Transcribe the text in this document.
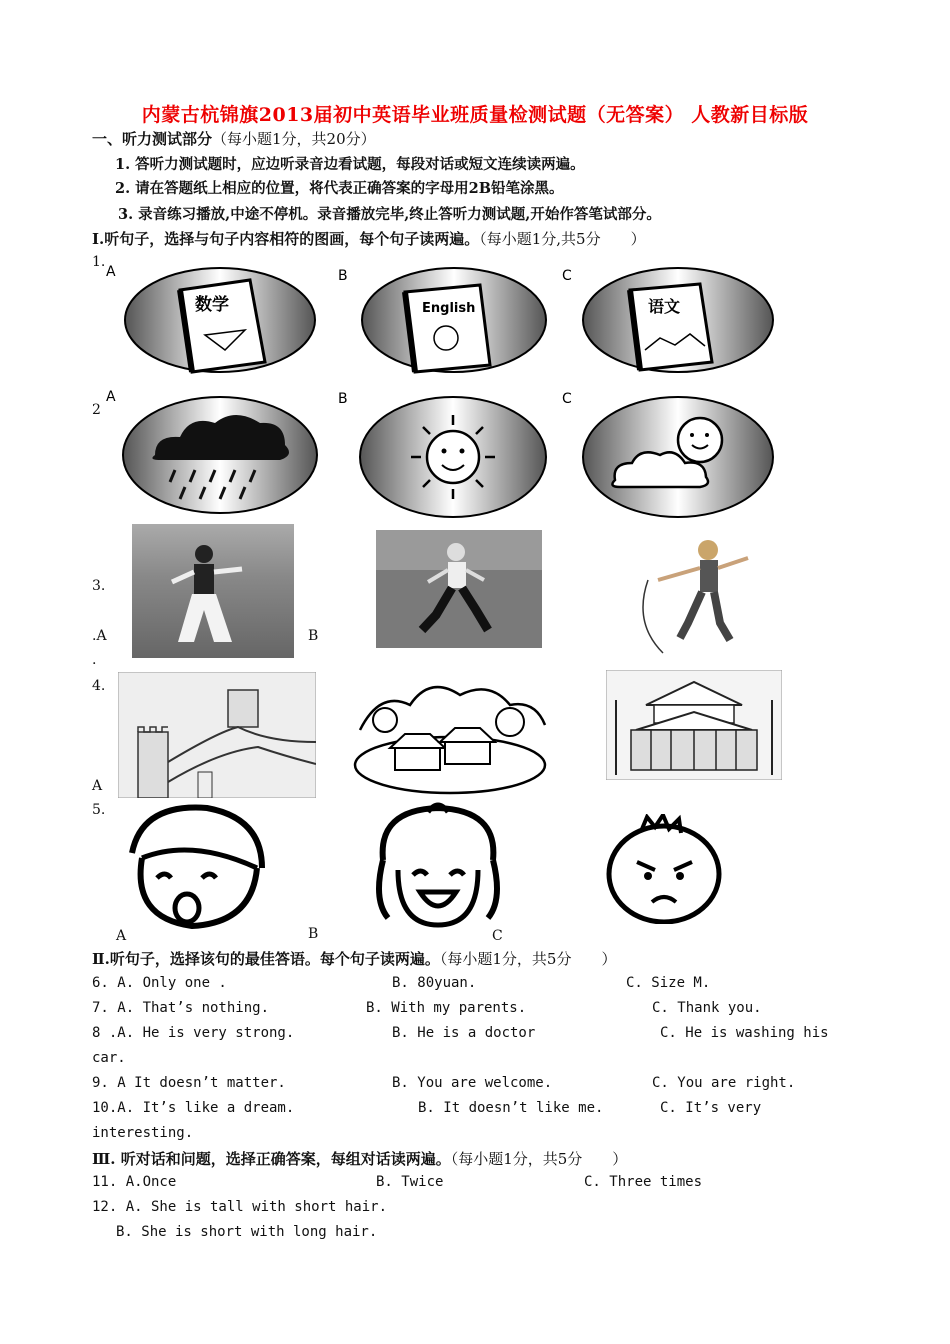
内蒙古杭锦旗2013届初中英语毕业班质量检测试题（无答案） 人教新目标版
一、听力测试部分（每小题1分，共20分）
1. 答听力测试题时，应边听录音边看试题，每段对话或短文连续读两遍。
2. 请在答题纸上相应的位置，将代表正确答案的字母用2B铅笔涂黑。
3. 录音练习播放,中途不停机。录音播放完毕,终止答听力测试题,开始作答笔试部分。
Ⅰ.听句子，选择与句子内容相符的图画，每个句子读两遍。（每小题1分,共5分　　）
1.
数学	English	语文
A	B	C
2
A	B	C
3.
.A	B
.
4.
A
5.
A	B	C
Ⅱ.听句子，选择该句的最佳答语。每个句子读两遍。（每小题1分，共5分　　）
6. A. Only one .	B. 80yuan.	C. Size M.
7. A. That’s nothing.	B. With my parents.	C. Thank you.
8 .A. He is very strong.	B. He is a doctor	C. He is washing his
car.
9. A It doesn’t matter.	B. You are welcome.	C. You are right.
10.A. It’s like a dream.	B. It doesn’t like me.	C. It’s very
interesting.
Ⅲ. 听对话和问题，选择正确答案，每组对话读两遍。（每小题1分，共5分　　）
11. A.Once	B. Twice	C. Three times
12. A. She is tall with short hair.
B. She is short with long hair.
